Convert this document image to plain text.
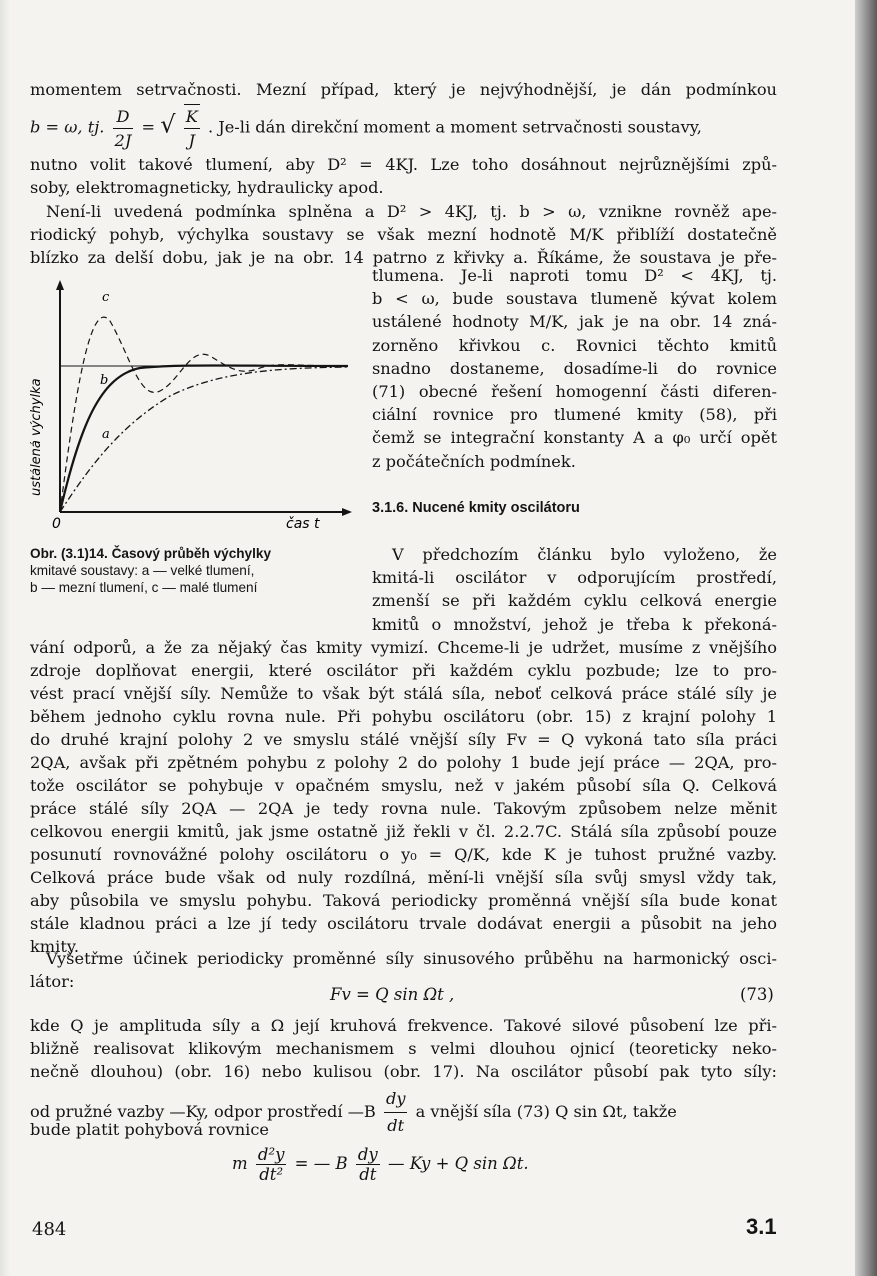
momentem setrvačnosti. Mezní případ, který je nejvýhodnější, je dán podmínkou
b = ω, tj. $\frac{D}{2J}$ = √ $\frac{K}{J}$ . Je-li dán direkční moment a moment setrvačnosti soustavy,
nutno volit takové tlumení, aby D² = 4KJ. Lze toho dosáhnout nejrůznějšími způ-
soby, elektromagneticky, hydraulicky apod.
Není-li uvedená podmínka splněna a D² > 4KJ, tj. b > ω, vznikne rovněž ape-
riodický pohyb, výchylka soustavy se však mezní hodnotě M/K přiblíží dostatečně
blízko za delší dobu, jak je na obr. 14 patrno z křivky a. Říkáme, že soustava je pře-
tlumena. Je-li naproti tomu D² < 4KJ, tj.
b < ω, bude soustava tlumeně kývat kolem
ustálené hodnoty M/K, jak je na obr. 14 zná-
zorněno křivkou c. Rovnici těchto kmitů
snadno dostaneme, dosadíme-li do rovnice
(71) obecné řešení homogenní části diferen-
ciální rovnice pro tlumené kmity (58), při
čemž se integrační konstanty A a φ₀ určí opět
z počátečních podmínek.
c
b
a
0	čas t
ustálená výchylka
Obr. (3.1)14. Časový průběh výchylky
kmitavé soustavy: a — velké tlumení,
b — mezní tlumení, c — malé tlumení
3.1.6. Nucené kmity oscilátoru
V předchozím článku bylo vyloženo, že
kmitá-li oscilátor v odporujícím prostředí,
zmenší se při každém cyklu celková energie
kmitů o množství, jehož je třeba k překoná-
vání odporů, a že za nějaký čas kmity vymizí. Chceme-li je udržet, musíme z vnějšího
zdroje doplňovat energii, které oscilátor při každém cyklu pozbude; lze to pro-
vést prací vnější síly. Nemůže to však být stálá síla, neboť celková práce stálé síly je
během jednoho cyklu rovna nule. Při pohybu oscilátoru (obr. 15) z krajní polohy 1
do druhé krajní polohy 2 ve smyslu stálé vnější síly Fv = Q vykoná tato síla práci
2QA, avšak při zpětném pohybu z polohy 2 do polohy 1 bude její práce — 2QA, pro-
tože oscilátor se pohybuje v opačném smyslu, než v jakém působí síla Q. Celková
práce stálé síly 2QA — 2QA je tedy rovna nule. Takovým způsobem nelze měnit
celkovou energii kmitů, jak jsme ostatně již řekli v čl. 2.2.7C. Stálá síla způsobí pouze
posunutí rovnovážné polohy oscilátoru o y₀ = Q/K, kde K je tuhost pružné vazby.
Celková práce bude však od nuly rozdílná, mění-li vnější síla svůj smysl vždy tak,
aby působila ve smyslu pohybu. Taková periodicky proměnná vnější síla bude konat
stále kladnou práci a lze jí tedy oscilátoru trvale dodávat energii a působit na jeho
kmity.
Vyšetřme účinek periodicky proměnné síly sinusového průběhu na harmonický osci-
látor:
Fv = Q sin Ωt ,	(73)
kde Q je amplituda síly a Ω její kruhová frekvence. Takové silové působení lze při-
bližně realisovat klikovým mechanismem s velmi dlouhou ojnicí (teoreticky neko-
nečně dlouhou) (obr. 16) nebo kulisou (obr. 17). Na oscilátor působí pak tyto síly:
od pružné vazby —Ky, odpor prostředí —B $\frac{dy}{dt}$ a vnější síla (73) Q sin Ωt, takže
bude platit pohybová rovnice
m $\frac{\text{d²y}}{\text{dt²}}$ = — B $\frac{dy}{dt}$ — Ky + Q sin Ωt.
484	3.1
